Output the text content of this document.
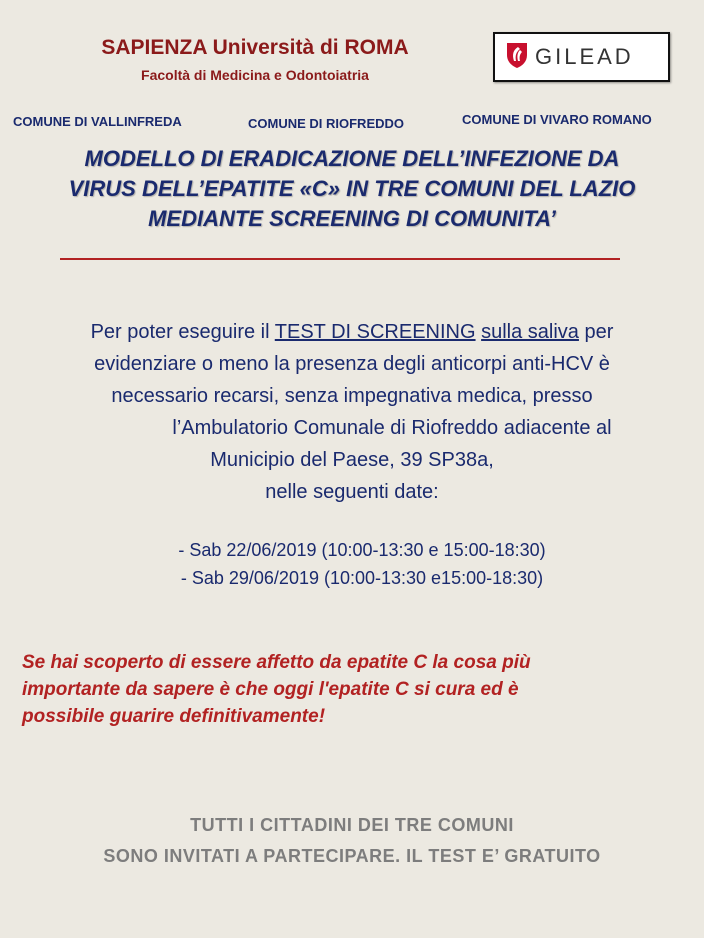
SAPIENZA Università di ROMA
Facoltà di Medicina e Odontoiatria
GILEAD
COMUNE DI VALLINFREDA	COMUNE DI RIOFREDDO	COMUNE DI VIVARO ROMANO
MODELLO DI ERADICAZIONE DELL’INFEZIONE DA
VIRUS DELL’EPATITE «C» IN TRE COMUNI DEL LAZIO
MEDIANTE SCREENING DI COMUNITA’
Per poter eseguire il TEST DI SCREENING sulla saliva per
evidenziare o meno la presenza degli anticorpi anti-HCV è
necessario recarsi, senza impegnativa medica, presso
l’Ambulatorio Comunale di Riofreddo adiacente al
Municipio del Paese, 39 SP38a,
nelle seguenti date:
- Sab 22/06/2019 (10:00-13:30 e 15:00-18:30)
- Sab 29/06/2019 (10:00-13:30 e15:00-18:30)
Se hai scoperto di essere affetto da epatite C la cosa più
importante da sapere è che oggi l'epatite C si cura ed è
possibile guarire definitivamente!
TUTTI I CITTADINI DEI TRE COMUNI
SONO INVITATI A PARTECIPARE. IL TEST E’ GRATUITO
